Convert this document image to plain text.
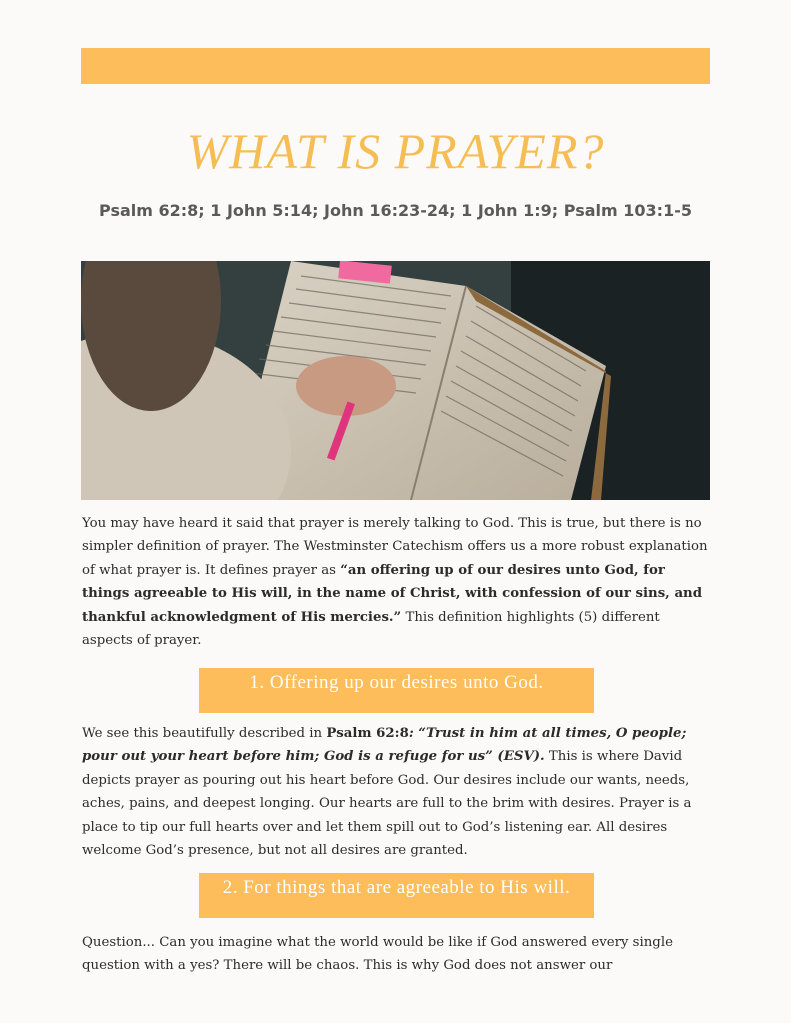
WHAT IS PRAYER?

Psalm 62:8; 1 John 5:14; John 16:23-24; 1 John 1:9; Psalm 103:1-5

You may have heard it said that prayer is merely talking to God. This is true, but there is no simpler definition of prayer. The Westminster Catechism offers us a more robust explanation of what prayer is. It defines prayer as “an offering up of our desires unto God, for things agreeable to His will, in the name of Christ, with confession of our sins, and thankful acknowledgment of His mercies.” This definition highlights (5) different aspects of prayer.

1. Offering up our desires unto God.

We see this beautifully described in Psalm 62:8: “Trust in him at all times, O people; pour out your heart before him; God is a refuge for us” (ESV). This is where David depicts prayer as pouring out his heart before God. Our desires include our wants, needs, aches, pains, and deepest longing. Our hearts are full to the brim with desires. Prayer is a place to tip our full hearts over and let them spill out to God’s listening ear. All desires welcome God’s presence, but not all desires are granted.

2. For things that are agreeable to His will.

Question... Can you imagine what the world would be like if God answered every single question with a yes? There will be chaos. This is why God does not answer our
